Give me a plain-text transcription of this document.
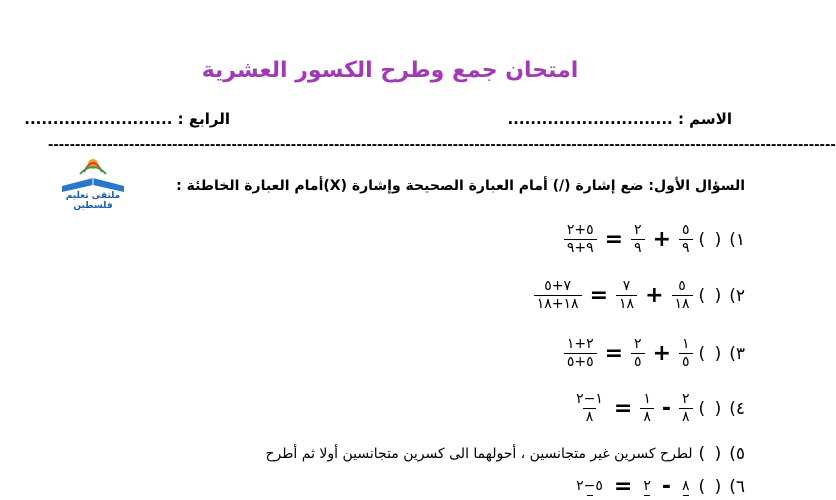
امتحان جمع وطرح الكسور العشرية
الاسم : .............................
الرابع : ..........................
--------------------------------------------------------------------------------------------------------------------------------------------------
ملتقى تعليم فلسطين
السؤال الأول: ضع إشارة (/) أمام العبارة الصحيحة وإشارة (X)أمام العبارة الخاطئة :
١)
( )
$\frac{٥}{٩}$
+
$\frac{٢}{٩}$
=
$\frac{٥+٢}{٩+٩}$
٢)
( )
$\frac{٥}{١٨}$
+
$\frac{٧}{١٨}$
=
$\frac{٧+٥}{١٨+١٨}$
٣)
( )
$\frac{١}{٥}$
+
$\frac{٢}{٥}$
=
$\frac{٢+١}{٥+٥}$
٤)
( )
$\frac{٢}{٨}$
-
$\frac{١}{٨}$
=
$\frac{١-٢}{٨}$
٥)
( )
لطرح كسرين غير متجانسين ، أحولهما الى كسرين متجانسين أولا ثم أطرح
٦)
( )
٨
-
٢
=
٥−٢
